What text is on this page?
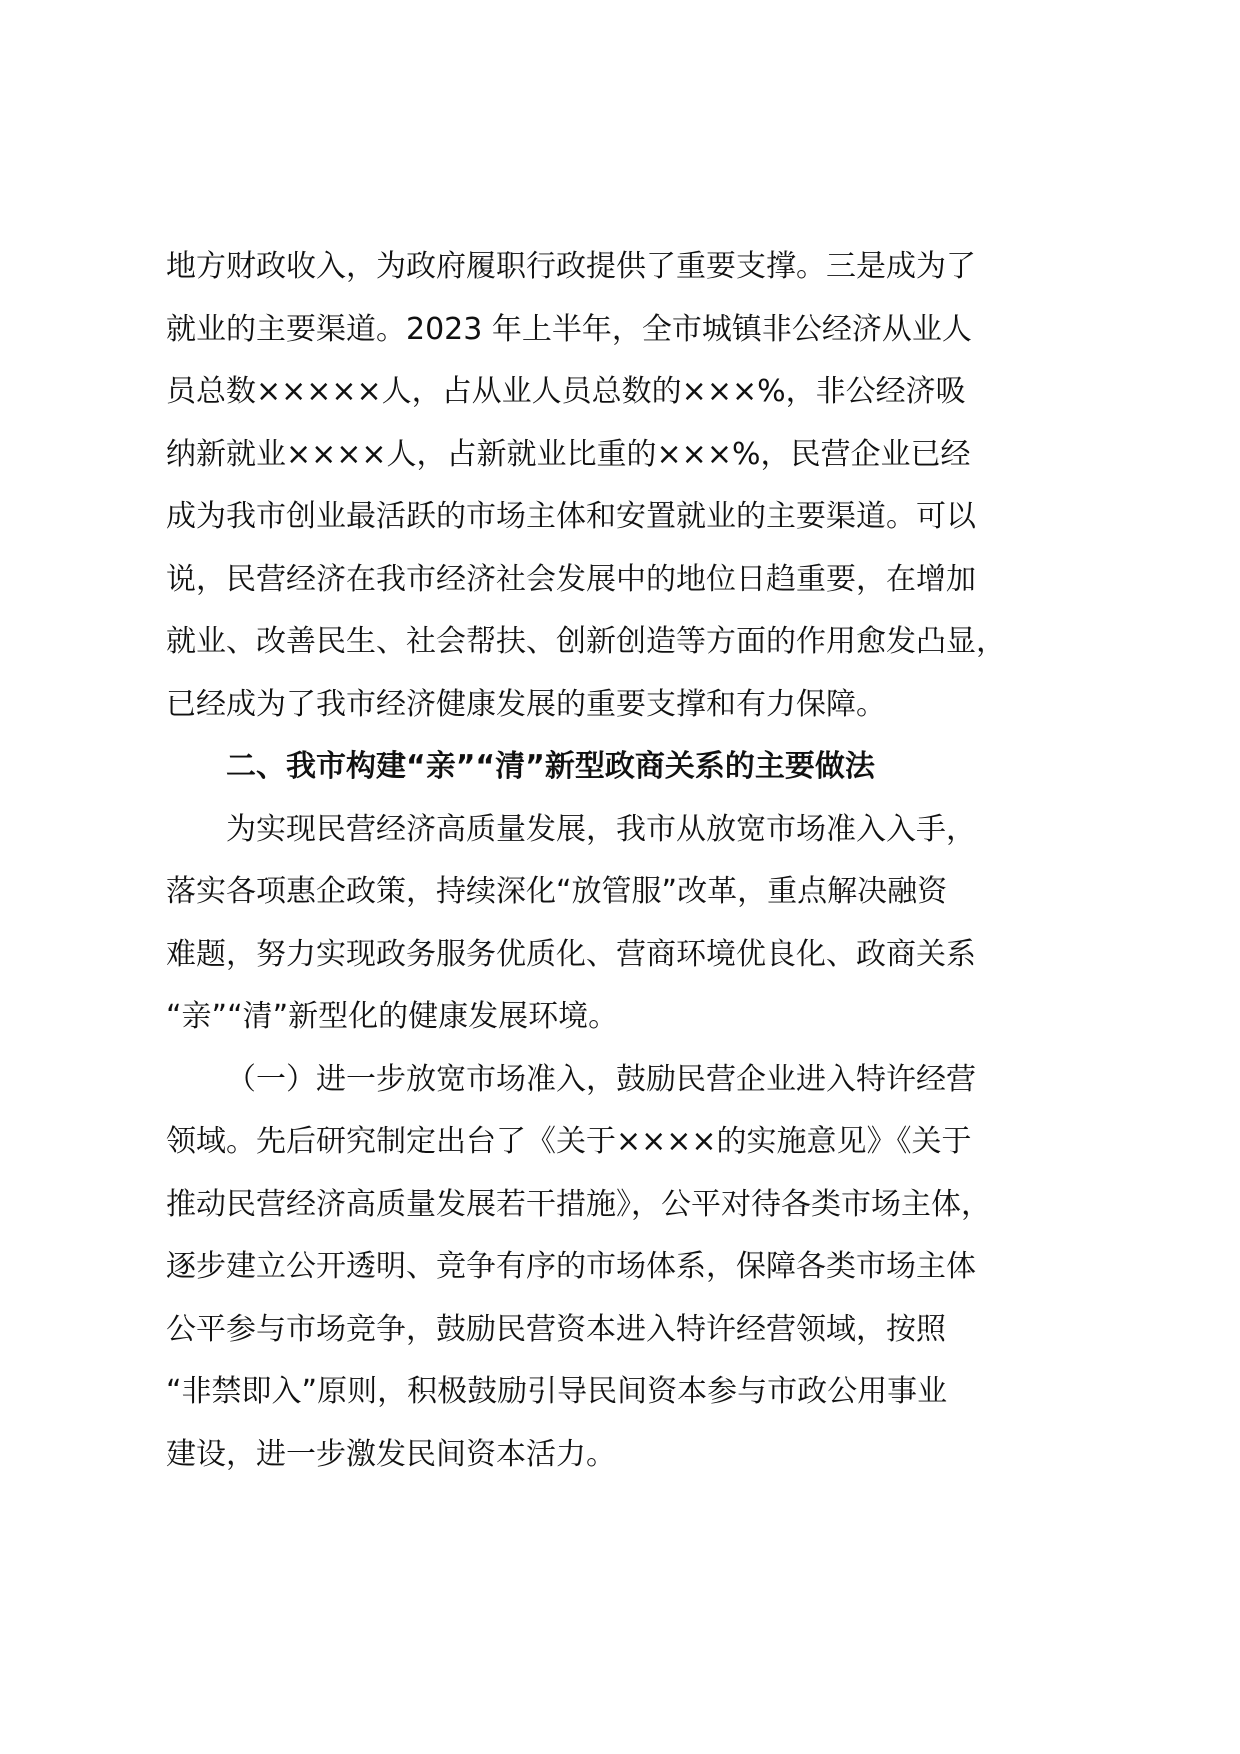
地方财政收入，为政府履职行政提供了重要支撑。三是成为了
就业的主要渠道。2023 年上半年，全市城镇非公经济从业人
员总数×××××人，占从业人员总数的×××%，非公经济吸
纳新就业××××人，占新就业比重的×××%，民营企业已经
成为我市创业最活跃的市场主体和安置就业的主要渠道。可以
说，民营经济在我市经济社会发展中的地位日趋重要，在增加
就业、改善民生、社会帮扶、创新创造等方面的作用愈发凸显，
已经成为了我市经济健康发展的重要支撑和有力保障。
二、我市构建“亲”“清”新型政商关系的主要做法
为实现民营经济高质量发展，我市从放宽市场准入入手，
落实各项惠企政策，持续深化“放管服”改革，重点解决融资
难题，努力实现政务服务优质化、营商环境优良化、政商关系
“亲”“清”新型化的健康发展环境。
（一）进一步放宽市场准入，鼓励民营企业进入特许经营
领域。先后研究制定出台了《关于××××的实施意见》《关于
推动民营经济高质量发展若干措施》，公平对待各类市场主体，
逐步建立公开透明、竞争有序的市场体系，保障各类市场主体
公平参与市场竞争，鼓励民营资本进入特许经营领域，按照
“非禁即入”原则，积极鼓励引导民间资本参与市政公用事业
建设，进一步激发民间资本活力。
